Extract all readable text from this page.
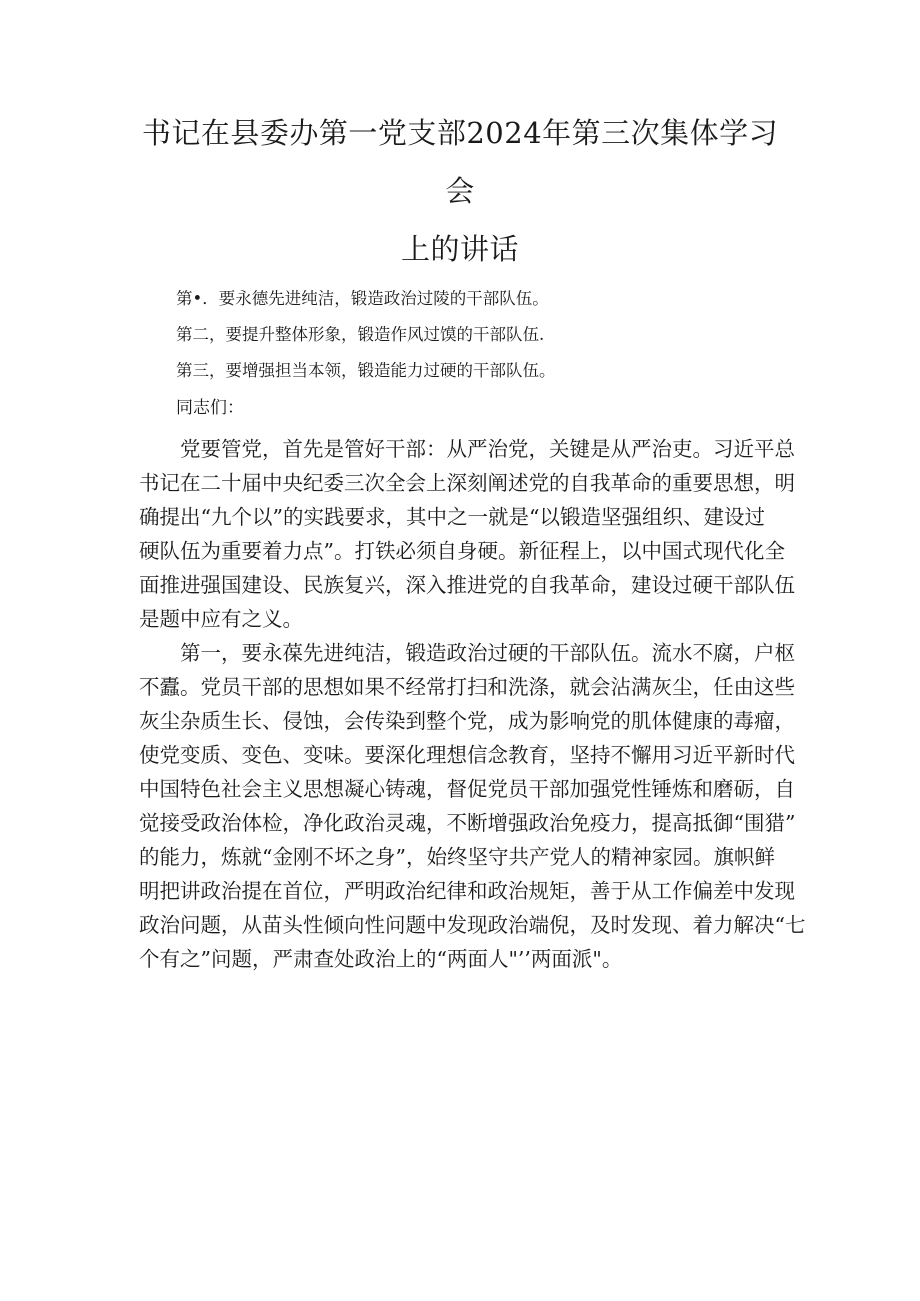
书记在县委办第一党支部2024年第三次集体学习会
上的讲话
第•．要永德先进纯洁，锻造政治过陵的干部队伍。
第二，要提升整体形象，锻造作风过馍的干部队伍.
第三，要增强担当本领，锻造能力过硬的干部队伍。

同志们：

党要管党，首先是管好干部：从严治党，关键是从严治吏。习近平总
书记在二十届中央纪委三次全会上深刻阐述党的自我革命的重要思想，明
确提出“九个以”的实践要求，其中之一就是“以锻造坚强组织、建设过
硬队伍为重要着力点”。打铁必须自身硬。新征程上，以中国式现代化全
面推进强国建设、民族复兴，深入推进党的自我革命，建设过硬干部队伍
是题中应有之义。
第一，要永葆先进纯洁，锻造政治过硬的干部队伍。流水不腐，户枢
不蠹。党员干部的思想如果不经常打扫和洗涤，就会沾满灰尘，任由这些
灰尘杂质生长、侵蚀，会传染到整个党，成为影响党的肌体健康的毒瘤，
使党变质、变色、变味。要深化理想信念教育，坚持不懈用习近平新时代
中国特色社会主义思想凝心铸魂，督促党员干部加强党性锤炼和磨砺，自
觉接受政治体检，净化政治灵魂，不断增强政治免疫力，提高抵御“围猎”
的能力，炼就“金刚不坏之身”，始终坚守共产党人的精神家园。旗帜鲜
明把讲政治提在首位，严明政治纪律和政治规矩，善于从工作偏差中发现
政治问题，从苗头性倾向性问题中发现政治端倪，及时发现、着力解决“七
个有之”问题，严肃查处政治上的“两面人"’’两面派"。
